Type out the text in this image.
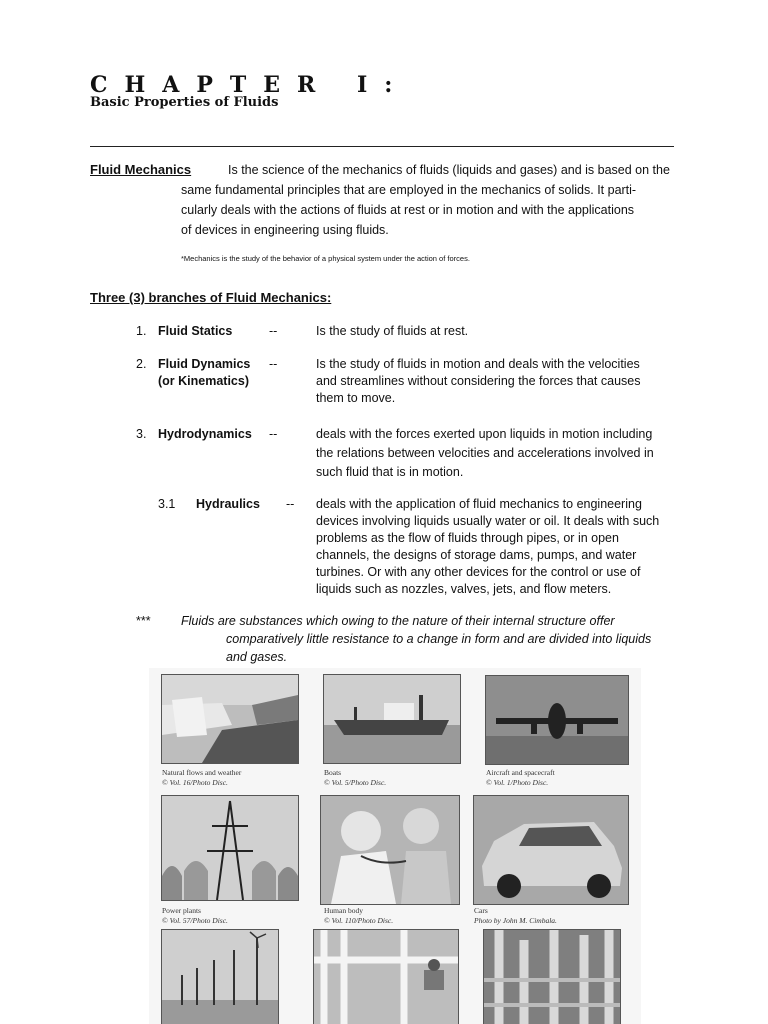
CHAPTER I:
Basic Properties of Fluids
Fluid Mechanics	Is the science of the mechanics of fluids (liquids and gases) and is based on the
same fundamental principles that are employed in the mechanics of solids. It parti-
cularly deals with the actions of fluids at rest or in motion and with the applications
of devices in engineering using fluids.
*Mechanics is the study of the behavior of a physical system under the action of forces.
Three (3) branches of Fluid Mechanics:
1. Fluid Statics	--	Is the study of fluids at rest.
2. Fluid Dynamics
(or Kinematics)
--	Is the study of fluids in motion and deals with the velocities
and streamlines without considering the forces that causes
them to move.
3. Hydrodynamics --	deals with the forces exerted upon liquids in motion including
the relations between velocities and accelerations involved in
such fluid that is in motion.
3.1 Hydraulics -- deals with the application of fluid mechanics to engineering
devices involving liquids usually water or oil. It deals with such
problems as the flow of fluids through pipes, or in open
channels, the designs of storage dams, pumps, and water
turbines. Or with any other devices for the control or use of
liquids such as nozzles, valves, jets, and flow meters.
*** Fluids are substances which owing to the nature of their internal structure offer
comparatively little resistance to a change in form and are divided into liquids
and gases.
Natural flows and weather
© Vol. 16/Photo Disc.
Boats
© Vol. 5/Photo Disc.
Aircraft and spacecraft
© Vol. 1/Photo Disc.
Power plants
© Vol. 57/Photo Disc.
Human body
© Vol. 110/Photo Disc.
Cars
Photo by John M. Cimbala.
